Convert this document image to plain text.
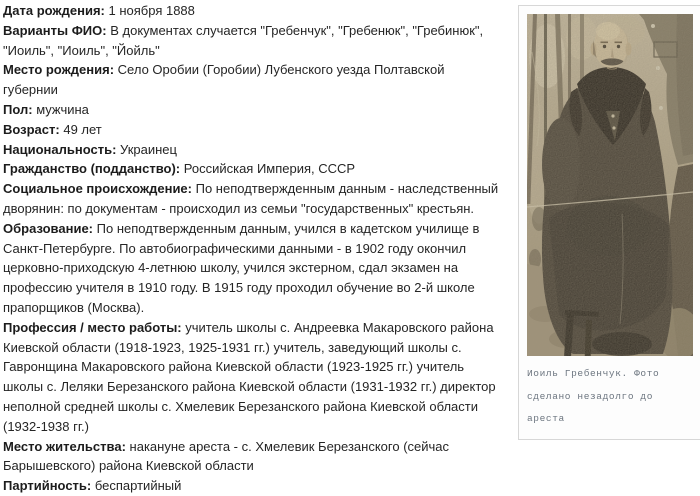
Дата рождения: 1 ноября 1888

Варианты ФИО: В документах случается "Гребенчук", "Гребенюк", "Гребинюк", "Иоиль", "Иоиль", "Йойль"

Место рождения: Село Оробии (Горобии) Лубенского уезда Полтавской губернии

Пол: мужчина

Возраст: 49 лет

Национальность: Украинец

Гражданство (подданство): Российская Империя, СССР

Социальное происхождение: По неподтвержденным данным - наследственный дворянин: по документам - происходил из семьи "государственных" крестьян.

Образование: По неподтвержденным данным, учился в кадетском училище в Санкт-Петербурге. По автобиографическими данными - в 1902 году окончил церковно-приходскую 4-летнюю школу, учился экстерном, сдал экзамен на профессию учителя в 1910 году. В 1915 году проходил обучение во 2-й школе прапорщиков (Москва).

Профессия / место работы: учитель школы с. Андреевка Макаровского района Киевской области (1918-1923, 1925-1931 гг.) учитель, заведующий школы с. Гавронщина Макаровского района Киевской области (1923-1925 гг.) учитель школы с. Леляки Березанского района Киевской области (1931-1932 гг.) директор неполной средней школы с. Хмелевик Березанского района Киевской области (1932-1938 гг.)

Место жительства: накануне ареста - с. Хмелевик Березанского (сейчас Барышевского) района Киевской области

Партийность: беспартийный

Иоиль Гребенчук. Фото сделано незадолго до ареста
